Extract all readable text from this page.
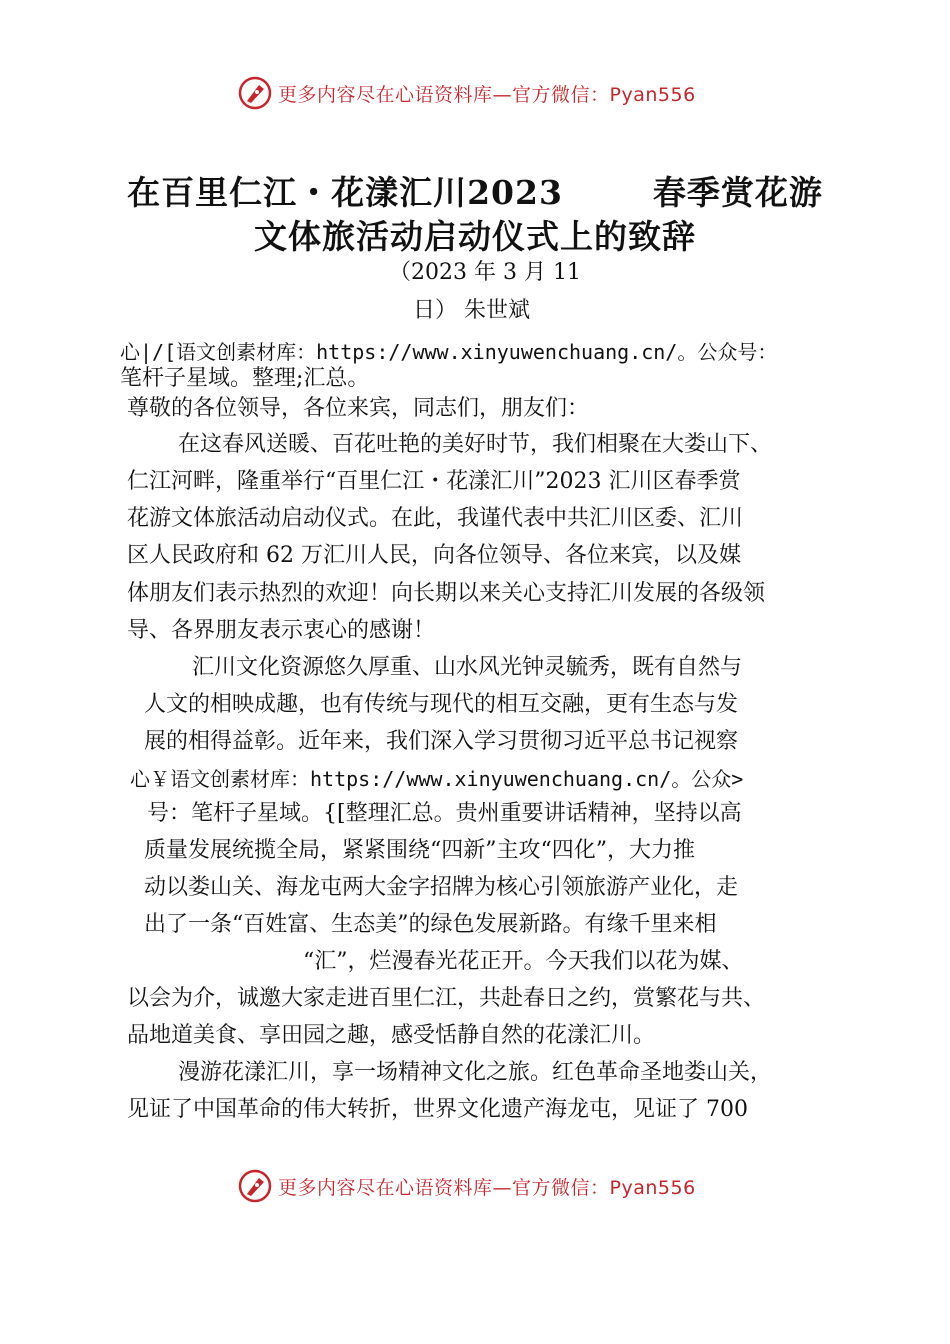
更多内容尽在心语资料库—官方微信：Pyan556
在百里仁江・花漾汇川2023	春季赏花游
文体旅活动启动仪式上的致辞
（2023 年 3 月 11
日） 朱世斌
心|/[语文创素材库：https://www.xinyuwenchuang.cn/。公众号：
笔杆子星域。整理;汇总。
尊敬的各位领导，各位来宾，同志们，朋友们：
在这春风送暖、百花吐艳的美好时节，我们相聚在大娄山下、
仁江河畔，隆重举行“百里仁江・花漾汇川”2023 汇川区春季赏
花游文体旅活动启动仪式。在此，我谨代表中共汇川区委、汇川
区人民政府和 62 万汇川人民，向各位领导、各位来宾，以及媒
体朋友们表示热烈的欢迎！向长期以来关心支持汇川发展的各级领
导、各界朋友表示衷心的感谢！
汇川文化资源悠久厚重、山水风光钟灵毓秀，既有自然与
人文的相映成趣，也有传统与现代的相互交融，更有生态与发
展的相得益彰。近年来，我们深入学习贯彻习近平总书记视察
心￥语文创素材库：https://www.xinyuwenchuang.cn/。公众>
号：笔杆子星域。{[整理汇总。贵州重要讲话精神，坚持以高
质量发展统揽全局，紧紧围绕“四新”主攻“四化”，大力推
动以娄山关、海龙屯两大金字招牌为核心引领旅游产业化，走
出了一条“百姓富、生态美”的绿色发展新路。有缘千里来相
“汇”，烂漫春光花正开。今天我们以花为媒、
以会为介，诚邀大家走进百里仁江，共赴春日之约，赏繁花与共、
品地道美食、享田园之趣，感受恬静自然的花漾汇川。
漫游花漾汇川，享一场精神文化之旅。红色革命圣地娄山关，
见证了中国革命的伟大转折，世界文化遗产海龙屯，见证了 700
更多内容尽在心语资料库—官方微信：Pyan556
